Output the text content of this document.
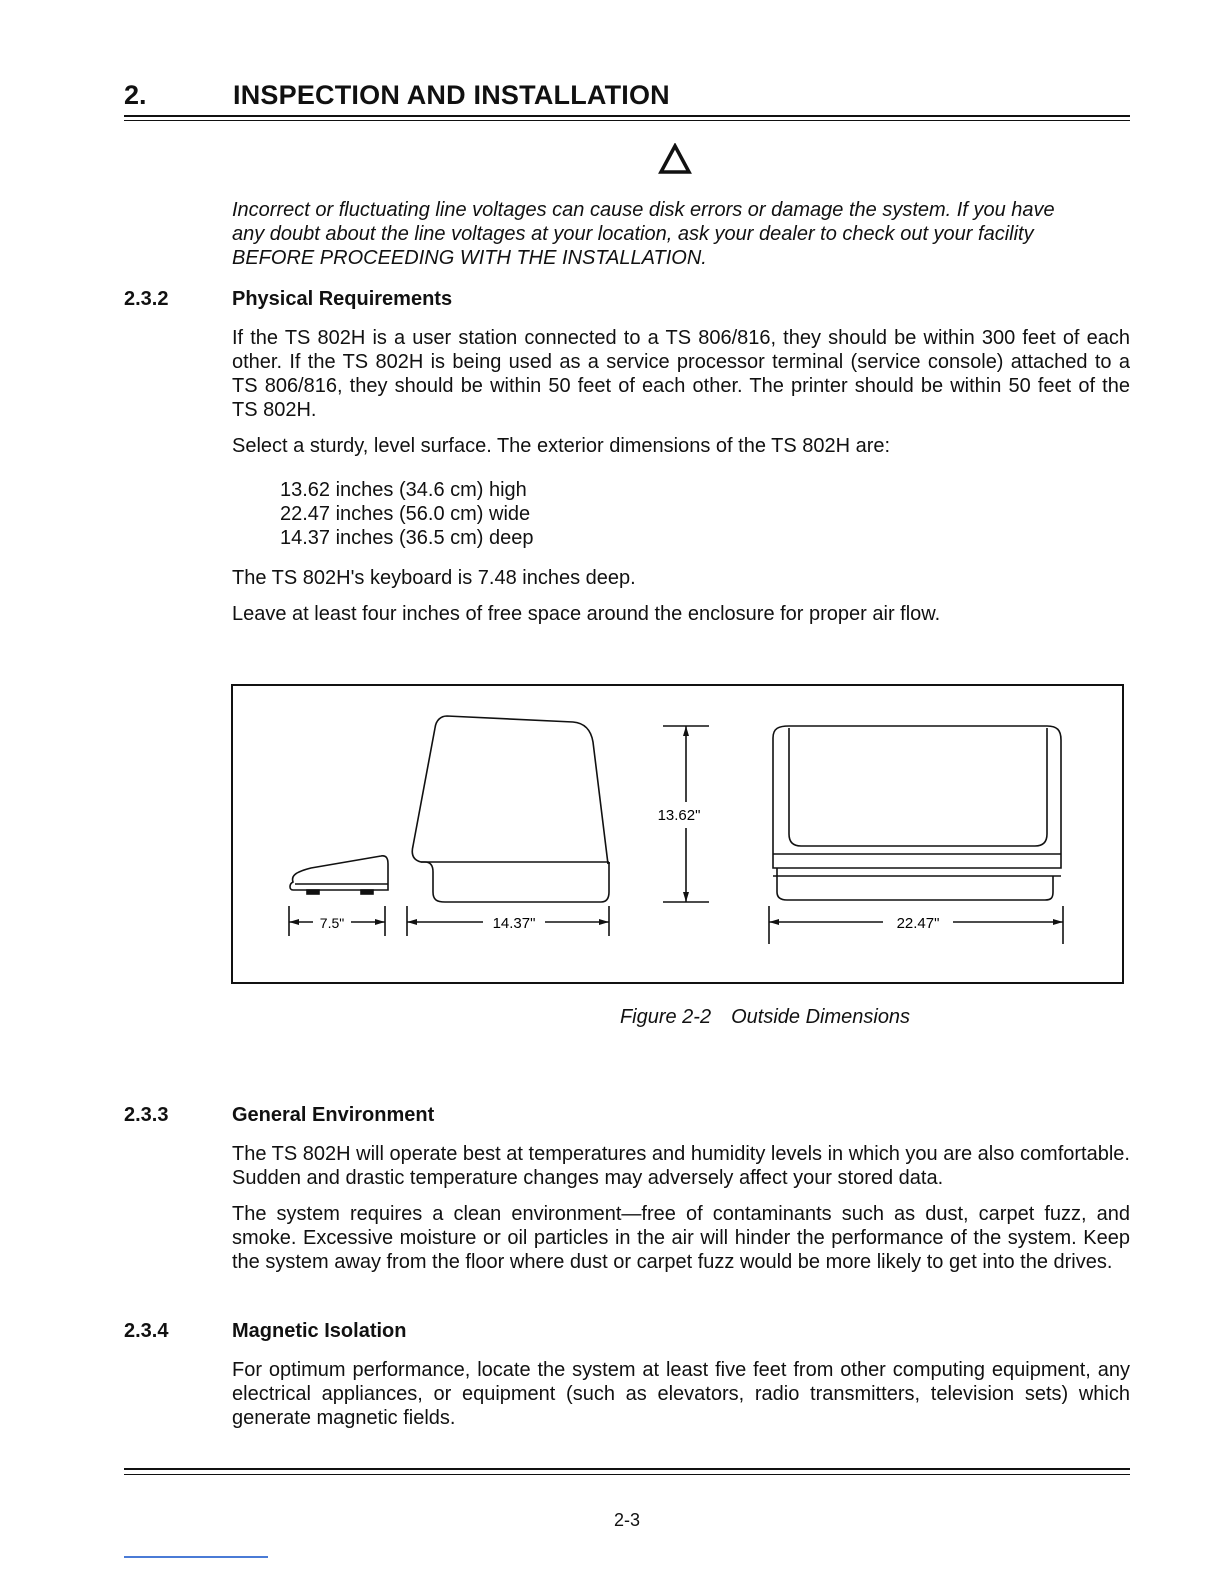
2.	INSPECTION AND INSTALLATION
Incorrect or fluctuating line voltages can cause disk errors or damage the system. If you have
any doubt about the line voltages at your location, ask your dealer to check out your facility
BEFORE PROCEEDING WITH THE INSTALLATION.
2.3.2	Physical Requirements

If the TS 802H is a user station connected to a TS 806/816, they should be within 300 feet of each other. If the TS 802H is being used as a service processor terminal (service console) attached to a TS 806/816, they should be within 50 feet of each other. The printer should be within 50 feet of the TS 802H.

Select a sturdy, level surface. The exterior dimensions of the TS 802H are:

13.62 inches (34.6 cm) high
22.47 inches (56.0 cm) wide
14.37 inches (36.5 cm) deep

The TS 802H's keyboard is 7.48 inches deep.

Leave at least four inches of free space around the enclosure for proper air flow.

7.5"	14.37"
13.62"
22.47"
Figure 2-2 Outside Dimensions
2.3.3	General Environment

The TS 802H will operate best at temperatures and humidity levels in which you are also comfortable. Sudden and drastic temperature changes may adversely affect your stored data.

The system requires a clean environment—free of contaminants such as dust, carpet fuzz, and smoke. Excessive moisture or oil particles in the air will hinder the performance of the system. Keep the system away from the floor where dust or carpet fuzz would be more likely to get into the drives.

2.3.4	Magnetic Isolation

For optimum performance, locate the system at least five feet from other computing equipment, any electrical appliances, or equipment (such as elevators, radio transmitters, television sets) which generate magnetic fields.

2-3
